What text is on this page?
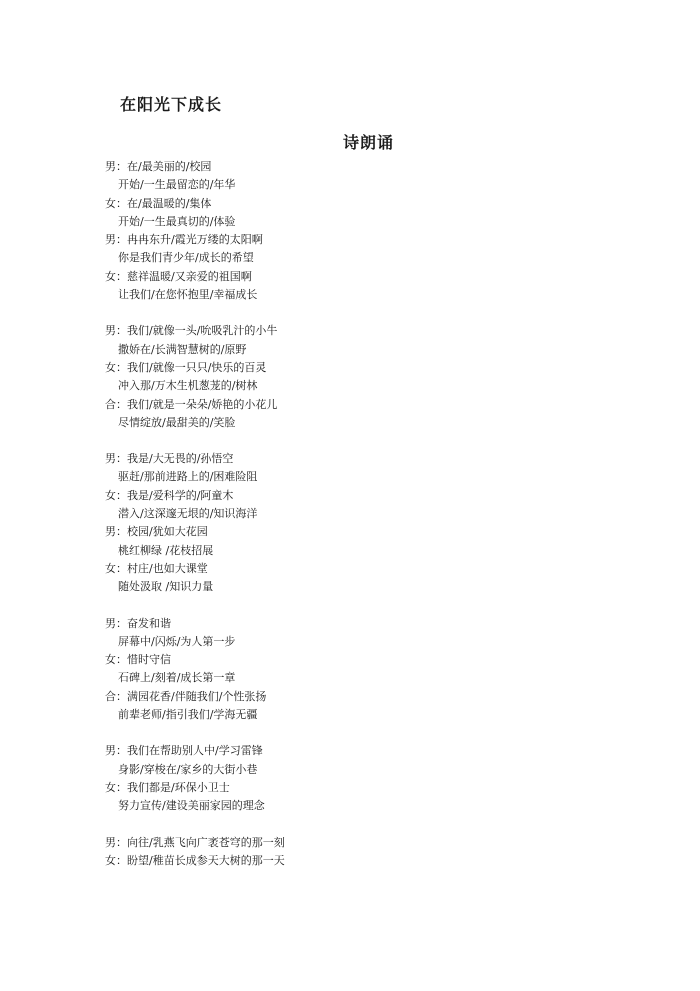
在阳光下成长
诗朗诵
男：在/最美丽的/校园
开始/一生最留恋的/年华
女：在/最温暖的/集体
开始/一生最真切的/体验
男：冉冉东升/霞光万缕的太阳啊
你是我们青少年/成长的希望
女：慈祥温暖/又亲爱的祖国啊
让我们/在您怀抱里/幸福成长
男：我们/就像一头/吮吸乳汁的小牛
撒娇在/长满智慧树的/原野
女：我们/就像一只只/快乐的百灵
冲入那/万木生机葱茏的/树林
合：我们/就是一朵朵/娇艳的小花儿
尽情绽放/最甜美的/笑脸
男：我是/大无畏的/孙悟空
驱赶/那前进路上的/困难险阻
女：我是/爱科学的/阿童木
潜入/这深邃无垠的/知识海洋
男：校园/犹如大花园
桃红柳绿 /花枝招展
女：村庄/也如大课堂
随处汲取 /知识力量
男：奋发和谐
屏幕中/闪烁/为人第一步
女：惜时守信
石碑上/刻着/成长第一章
合：满园花香/伴随我们/个性张扬
前辈老师/指引我们/学海无疆
男：我们在帮助别人中/学习雷锋
身影/穿梭在/家乡的大街小巷
女：我们都是/环保小卫士
努力宣传/建设美丽家园的理念
男：向往/乳燕飞向广袤苍穹的那一刻
女：盼望/稚苗长成参天大树的那一天
